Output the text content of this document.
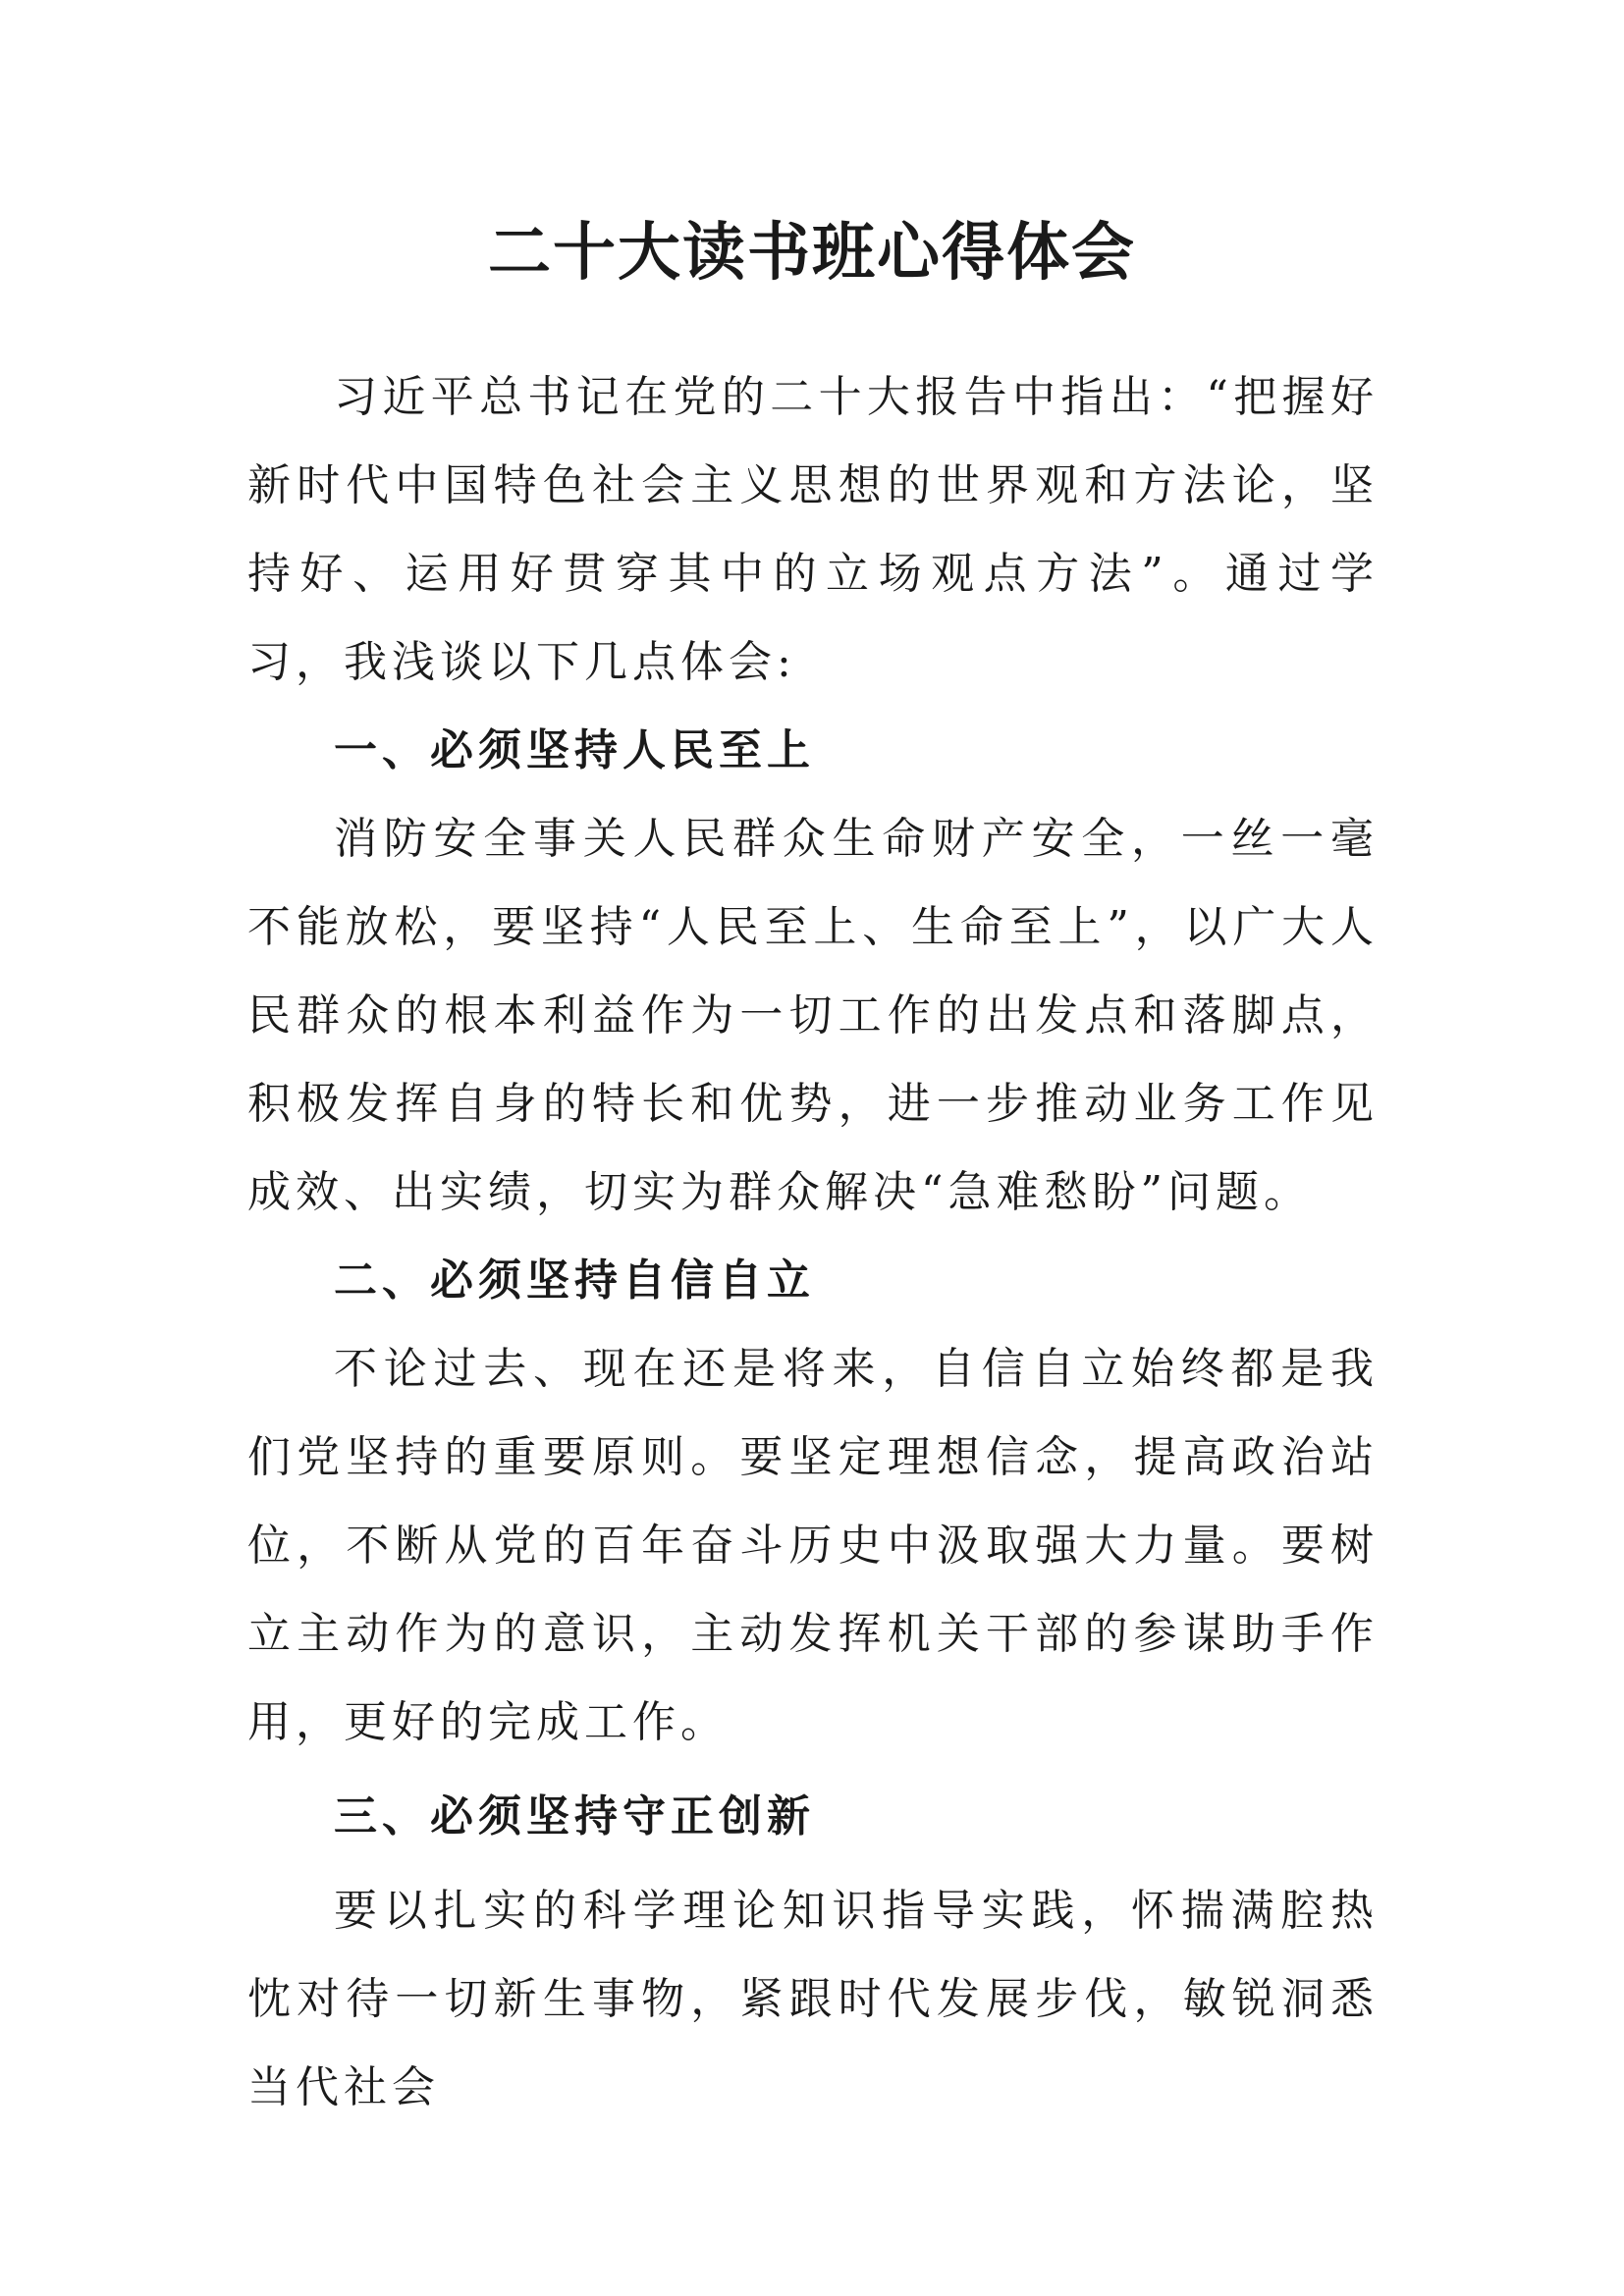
二十大读书班心得体会

习近平总书记在党的二十大报告中指出：“把握好新时代中国特色社会主义思想的世界观和方法论，坚持好、运用好贯穿其中的立场观点方法”。通过学习，我浅谈以下几点体会:

一、必须坚持人民至上

消防安全事关人民群众生命财产安全，一丝一毫不能放松，要坚持“人民至上、生命至上”，以广大人民群众的根本利益作为一切工作的出发点和落脚点，积极发挥自身的特长和优势，进一步推动业务工作见成效、出实绩，切实为群众解决“急难愁盼”问题。

二、必须坚持自信自立

不论过去、现在还是将来，自信自立始终都是我们党坚持的重要原则。要坚定理想信念，提高政治站位，不断从党的百年奋斗历史中汲取强大力量。要树立主动作为的意识，主动发挥机关干部的参谋助手作用，更好的完成工作。

三、必须坚持守正创新

要以扎实的科学理论知识指导实践，怀揣满腔热忱对待一切新生事物，紧跟时代发展步伐，敏锐洞悉当代社会
